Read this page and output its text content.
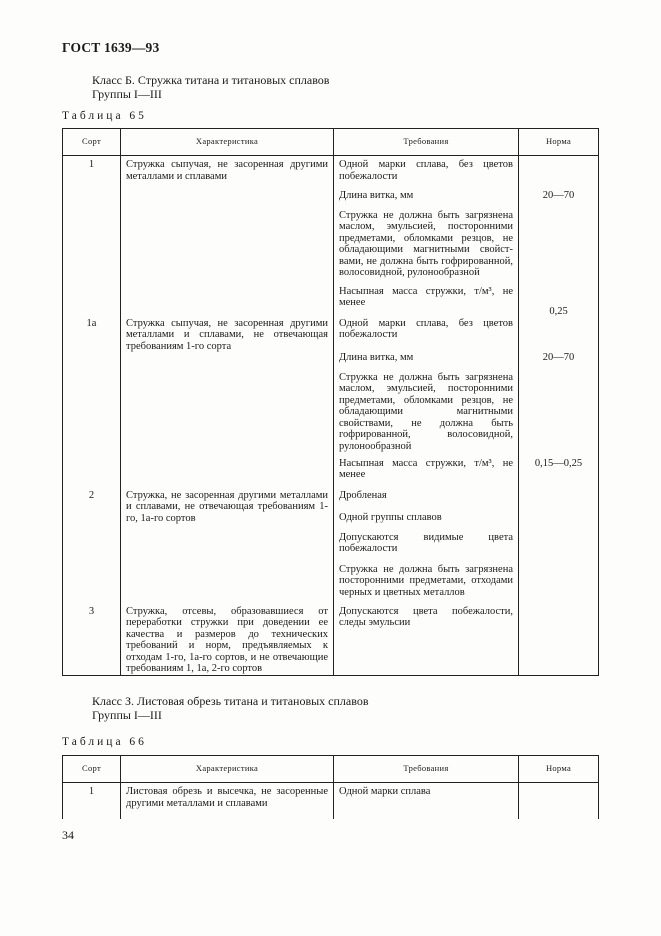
ГОСТ 1639—93
Класс Б. Стружка титана и титановых сплавов
Группы I—III
Таблица 65
Сорт	Характеристика	Требования	Норма
1	Стружка сыпучая, не засоренная другими металлами и сплавами	Одной марки сплава, без цветов побежалости	
		Длина витка, мм	20—70
		Стружка не должна быть загрязнена маслом, эмульсией, посторонними предметами, обломками резцов, не обладающими магнитными свойствами, не должна быть гофрированной, волосовидной, рулонообразной	
		Насыпная масса стружки, т/м³, не менее	0,25
1а	Стружка сыпучая, не засоренная другими металлами и сплавами, не отвечающая требованиям 1-го сорта	Одной марки сплава, без цветов побежалости	
		Длина витка, мм	20—70
		Стружка не должна быть загрязнена маслом, эмульсией, посторонними предметами, обломками резцов, не обладающими магнитными свойствами, не должна быть гофрированной, волосовидной, рулонообразной	
		Насыпная масса стружки, т/м³, не менее	0,15—0,25
2	Стружка, не засоренная другими металлами и сплавами, не отвечающая требованиям 1-го, 1а-го сортов	Дробленая	
		Одной группы сплавов	
		Допускаются видимые цвета побежалости	
		Стружка не должна быть загрязнена посторонними предметами, отходами черных и цветных металлов	
3	Стружка, отсевы, образовавшиеся от переработки стружки при доведении ее качества и размеров до технических требований и норм, предъявляемых к отходам 1-го, 1а-го сортов, и не отвечающие требованиям 1, 1а, 2-го сортов	Допускаются цвета побежалости, следы эмульсии	
Класс З. Листовая обрезь титана и титановых сплавов
Группы I—III
Таблица 66
Сорт	Характеристика	Требования	Норма
1	Листовая обрезь и высечка, не засоренные другими металлами и сплавами	Одной марки сплава	
34
